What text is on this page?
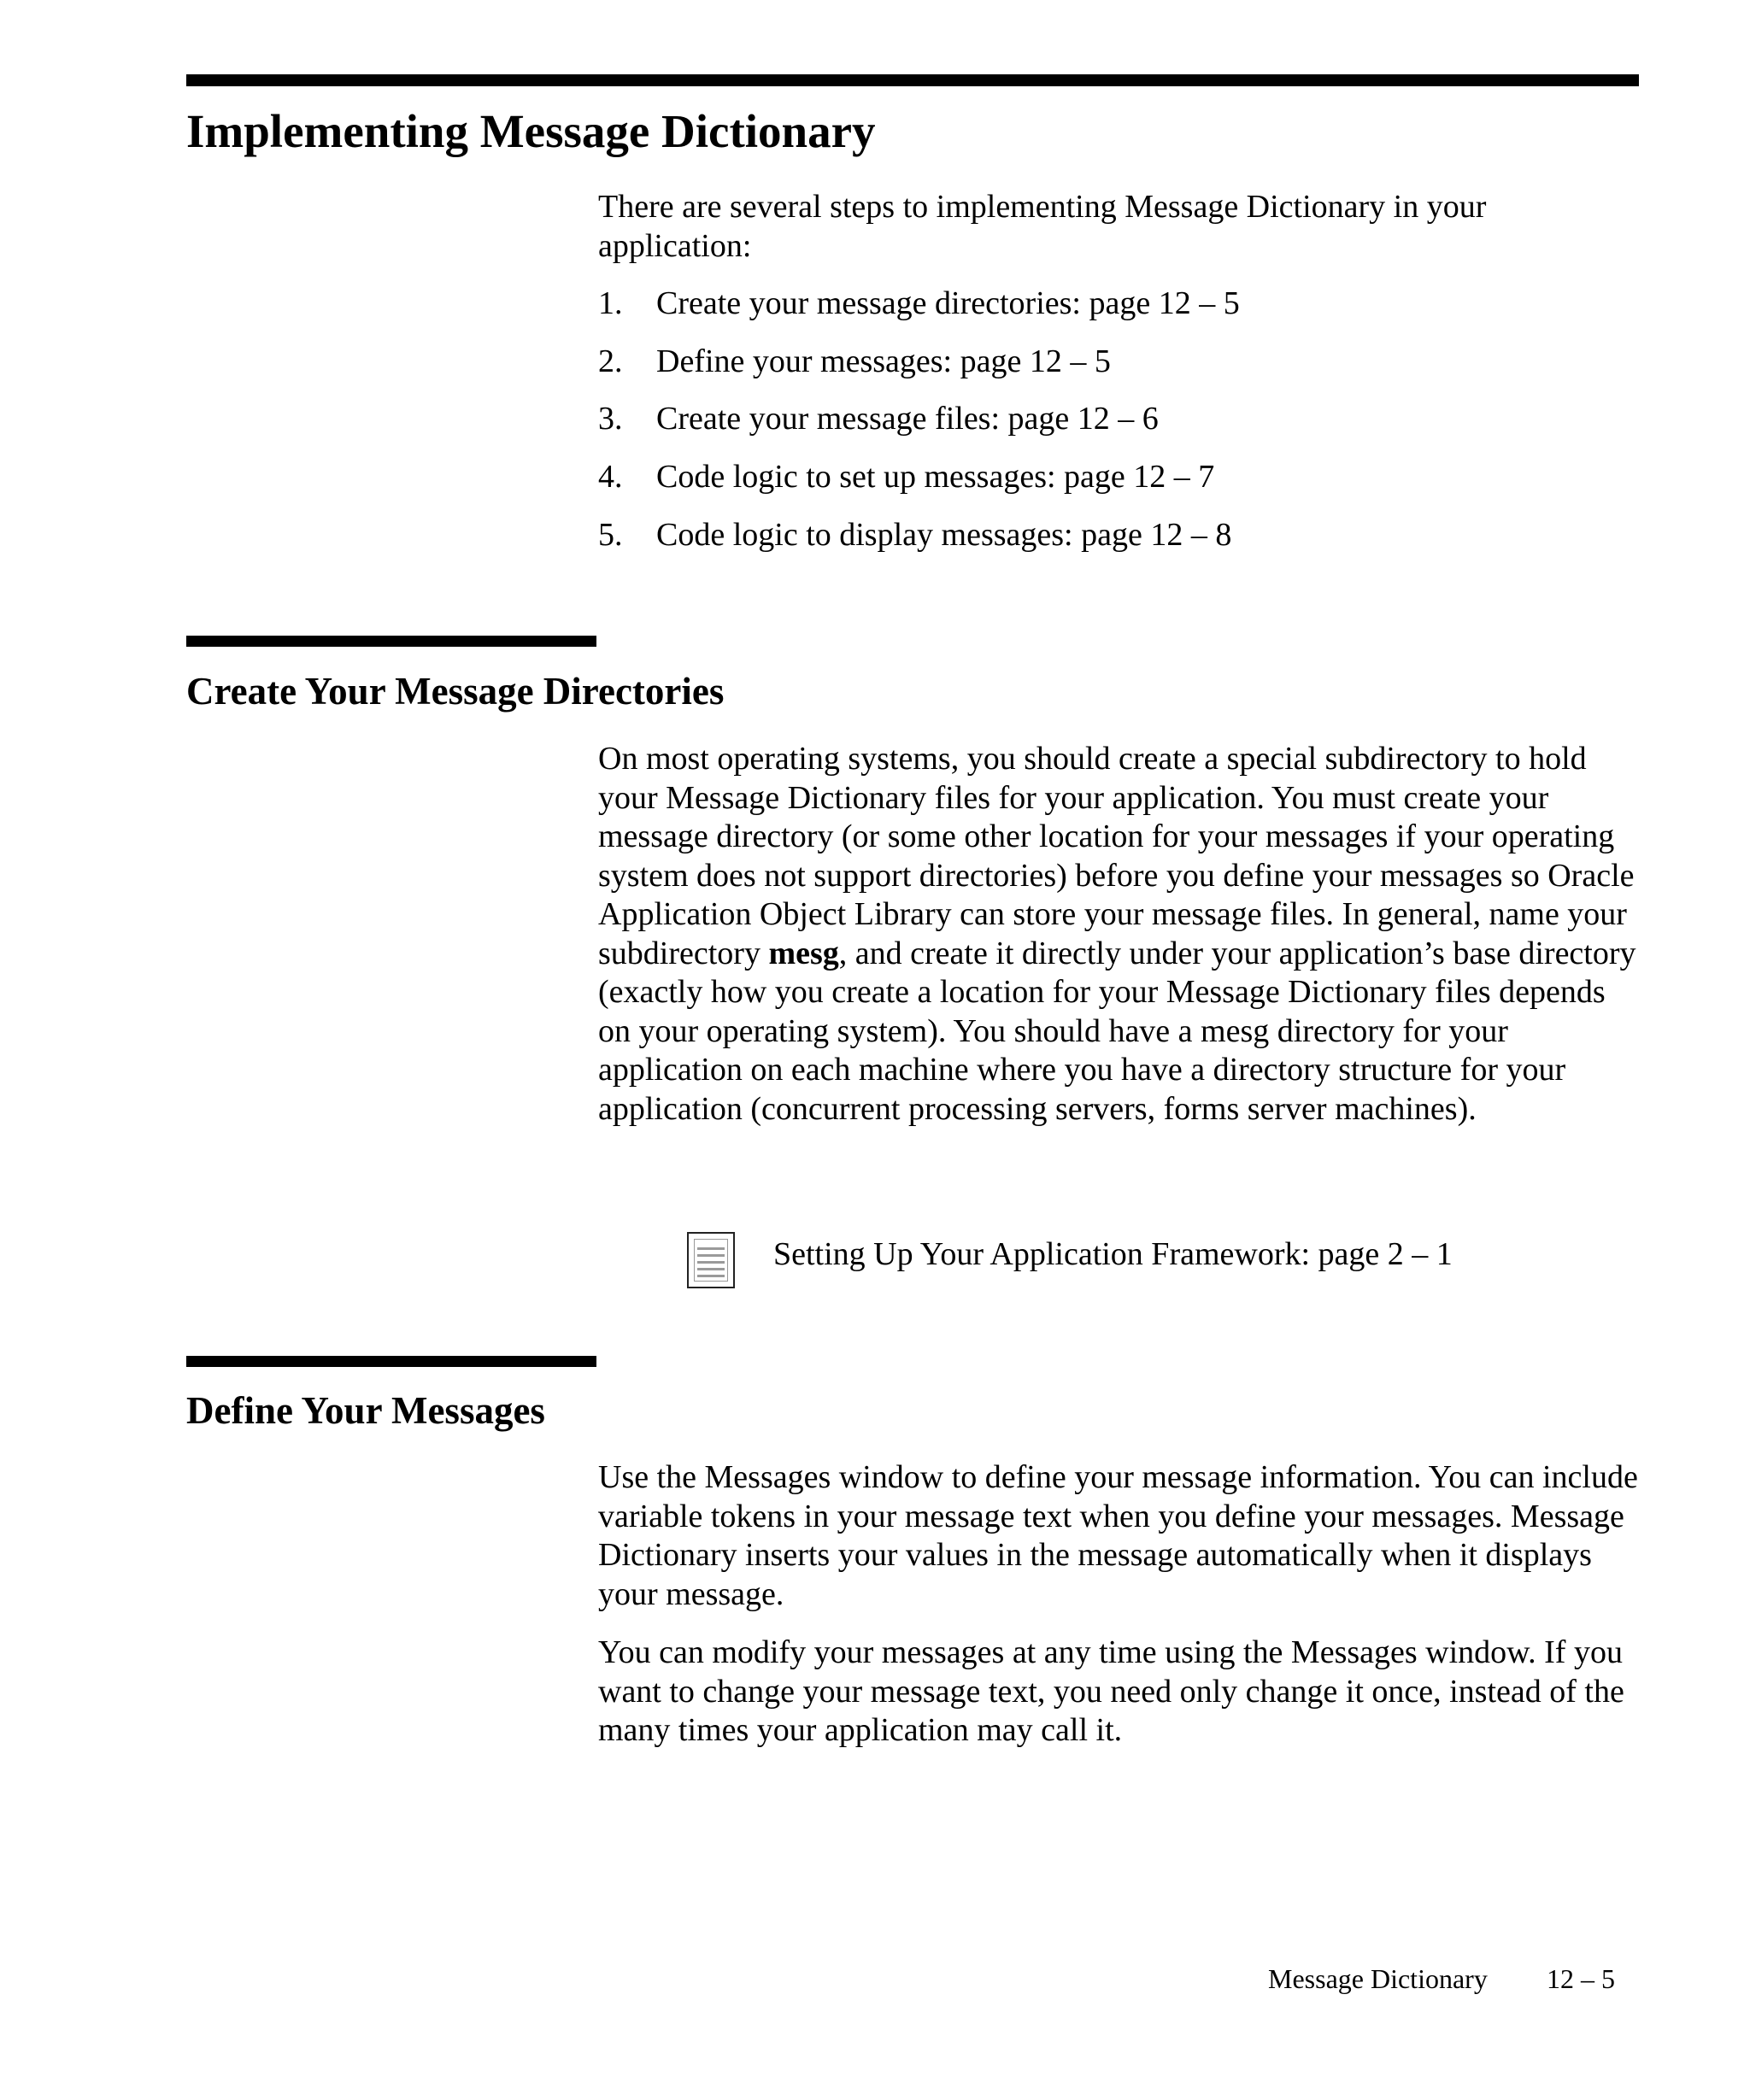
Implementing Message Dictionary

There are several steps to implementing Message Dictionary in your application:

1.	Create your message directories: page 12 – 5
2.	Define your messages: page 12 – 5
3.	Create your message files: page 12 – 6
4.	Code logic to set up messages: page 12 – 7
5.	Code logic to display messages: page 12 – 8
Create Your Message Directories

On most operating systems, you should create a special subdirectory to hold your Message Dictionary files for your application. You must create your message directory (or some other location for your messages if your operating system does not support directories) before you define your messages so Oracle Application Object Library can store your message files. In general, name your subdirectory mesg, and create it directly under your application’s base directory (exactly how you create a location for your Message Dictionary files depends on your operating system). You should have a mesg directory for your application on each machine where you have a directory structure for your application (concurrent processing servers, forms server machines).

Setting Up Your Application Framework: page 2 – 1
Define Your Messages

Use the Messages window to define your message information. You can include variable tokens in your message text when you define your messages. Message Dictionary inserts your values in the message automatically when it displays your message.

You can modify your messages at any time using the Messages window. If you want to change your message text, you need only change it once, instead of the many times your application may call it.

Message Dictionary 12 – 5
